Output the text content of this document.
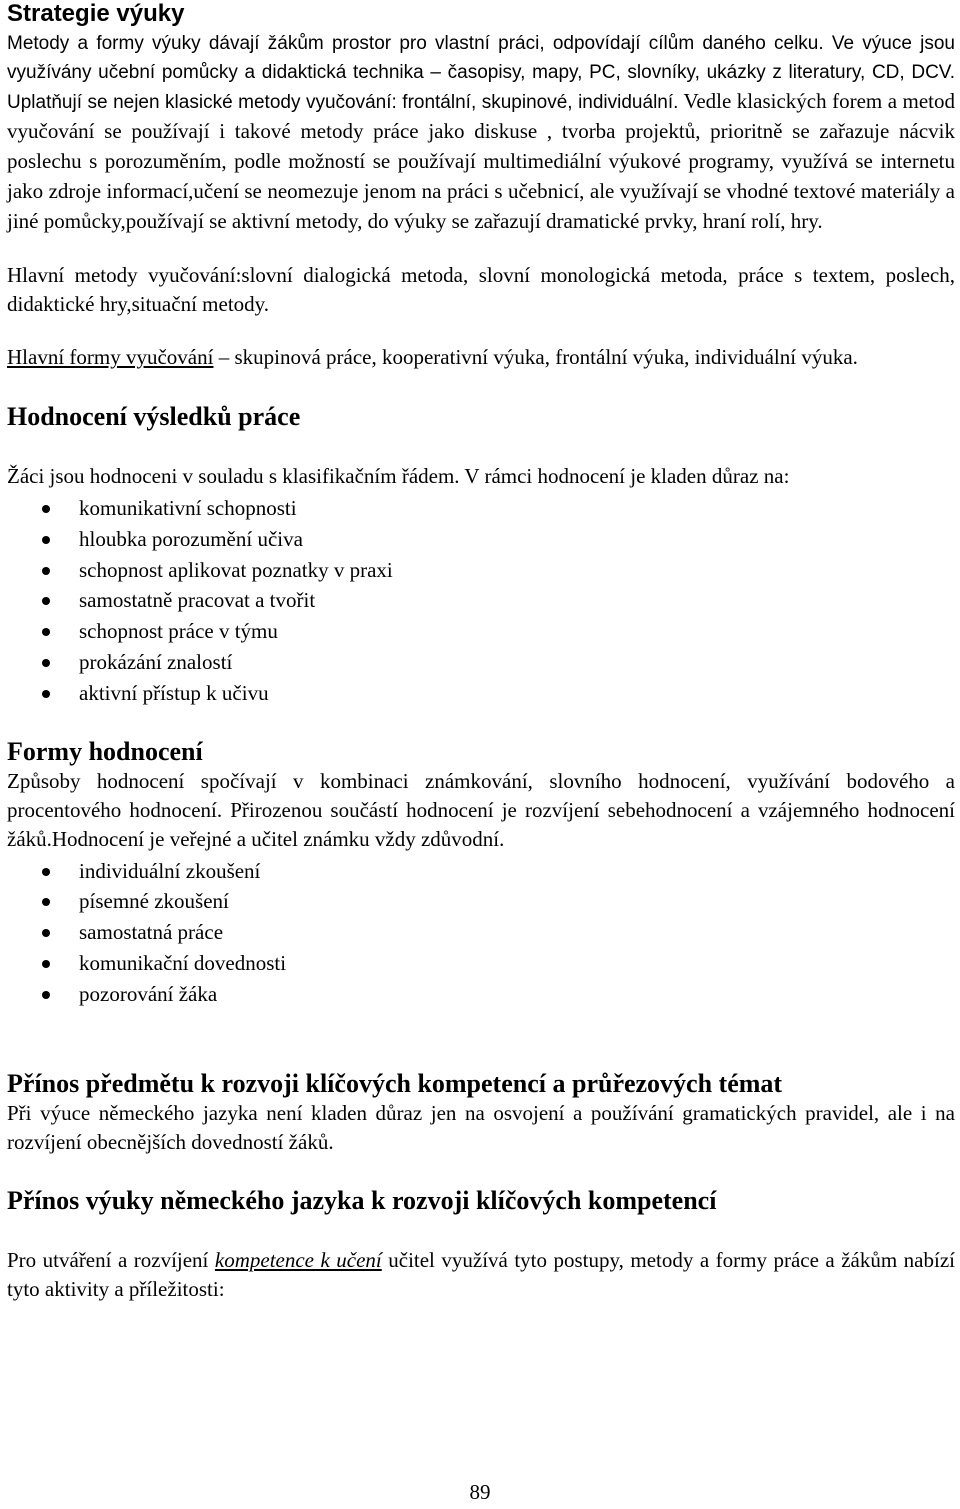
Strategie výuky

Metody a formy výuky dávají žákům prostor pro vlastní práci, odpovídají cílům daného celku. Ve výuce jsou využívány učební pomůcky a didaktická technika – časopisy, mapy, PC, slovníky, ukázky z literatury, CD, DCV. Uplatňují se nejen klasické metody vyučování: frontální, skupinové, individuální. Vedle klasických forem a metod vyučování se používají i takové metody práce jako diskuse , tvorba projektů, prioritně se zařazuje nácvik poslechu s porozuměním, podle možností se používají multimediální výukové programy, využívá se internetu jako zdroje informací,učení se neomezuje jenom na práci s učebnicí, ale využívají se vhodné textové materiály a jiné pomůcky,používají se aktivní metody, do výuky se zařazují dramatické prvky, hraní rolí, hry.

Hlavní metody vyučování:slovní dialogická metoda, slovní monologická metoda, práce s textem, poslech, didaktické hry,situační metody.

Hlavní formy vyučování – skupinová práce, kooperativní výuka, frontální výuka, individuální výuka.

Hodnocení výsledků práce

Žáci jsou hodnoceni v souladu s klasifikačním řádem. V rámci hodnocení je kladen důraz na:

komunikativní schopnosti
hloubka porozumění učiva
schopnost aplikovat poznatky v praxi
samostatně pracovat a tvořit
schopnost práce v týmu
prokázání znalostí
aktivní přístup k učivu
Formy hodnocení

Způsoby hodnocení spočívají v kombinaci známkování, slovního hodnocení, využívání bodového a procentového hodnocení. Přirozenou součástí hodnocení je rozvíjení sebehodnocení a vzájemného hodnocení žáků.Hodnocení je veřejné a učitel známku vždy zdůvodní.

individuální zkoušení
písemné zkoušení
samostatná práce
komunikační dovednosti
pozorování žáka
Přínos předmětu k rozvoji klíčových kompetencí a průřezových témat

Při výuce německého jazyka není kladen důraz jen na osvojení a používání gramatických pravidel, ale i na rozvíjení obecnějších dovedností žáků.

Přínos výuky německého jazyka k rozvoji klíčových kompetencí

Pro utváření a rozvíjení kompetence k učení učitel využívá tyto postupy, metody a formy práce a žákům nabízí tyto aktivity a příležitosti:

89
